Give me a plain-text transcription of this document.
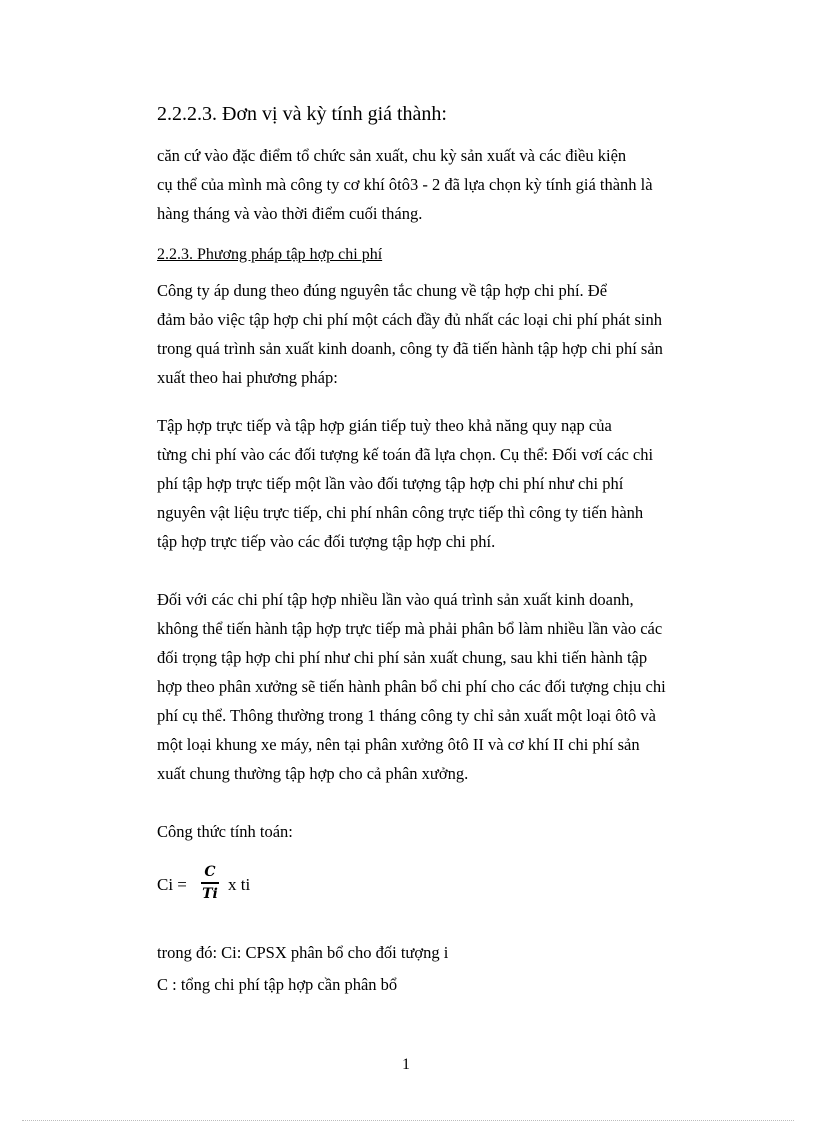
2.2.2.3. Đơn vị và kỳ tính giá thành:
căn cứ vào đặc điểm tổ chức sản xuất, chu kỳ sản xuất và các điều kiện
cụ thể của mình mà công ty cơ khí ôtô3 - 2 đã lựa chọn kỳ tính giá thành là
hàng tháng và vào thời điểm cuối tháng.
2.2.3. Phương pháp tập hợp chi phí
Công ty áp dung theo đúng nguyên tắc chung về tập hợp chi phí. Để
đảm bảo việc tập hợp chi phí một cách đầy đủ nhất các loại chi phí phát sinh
trong quá trình sản xuất kinh doanh, công ty đã tiến hành tập hợp chi phí sản
xuất theo hai phương pháp:
Tập hợp trực tiếp và tập hợp gián tiếp tuỳ theo khả năng quy nạp của
từng chi phí vào các đối tượng kế toán đã lựa chọn. Cụ thể: Đối vơí các chi
phí tập hợp trực tiếp một lần vào đối tượng tập hợp chi phí như chi phí
nguyên vật liệu trực tiếp, chi phí nhân công trực tiếp thì công ty tiến hành
tập hợp trực tiếp vào các đối tượng tập hợp chi phí.
Đối với các chi phí tập hợp nhiều lần vào quá trình sản xuất kinh doanh,
không thể tiến hành tập hợp trực tiếp mà phải phân bổ làm nhiều lần vào các
đối trọng tập hợp chi phí như chi phí sản xuất chung, sau khi tiến hành tập
hợp theo phân xưởng sẽ tiến hành phân bổ chi phí cho các đối tượng chịu chi
phí cụ thể. Thông thường trong 1 tháng công ty chỉ sản xuất một loại ôtô và
một loại khung xe máy, nên tại phân xưởng ôtô II và cơ khí II chi phí sản
xuất chung thường tập hợp cho cả phân xưởng.
Công thức tính toán:
Ci =
C
Ti x ti
trong đó: Ci: CPSX phân bổ cho đối tượng i
C : tổng chi phí tập hợp cần phân bổ
1
